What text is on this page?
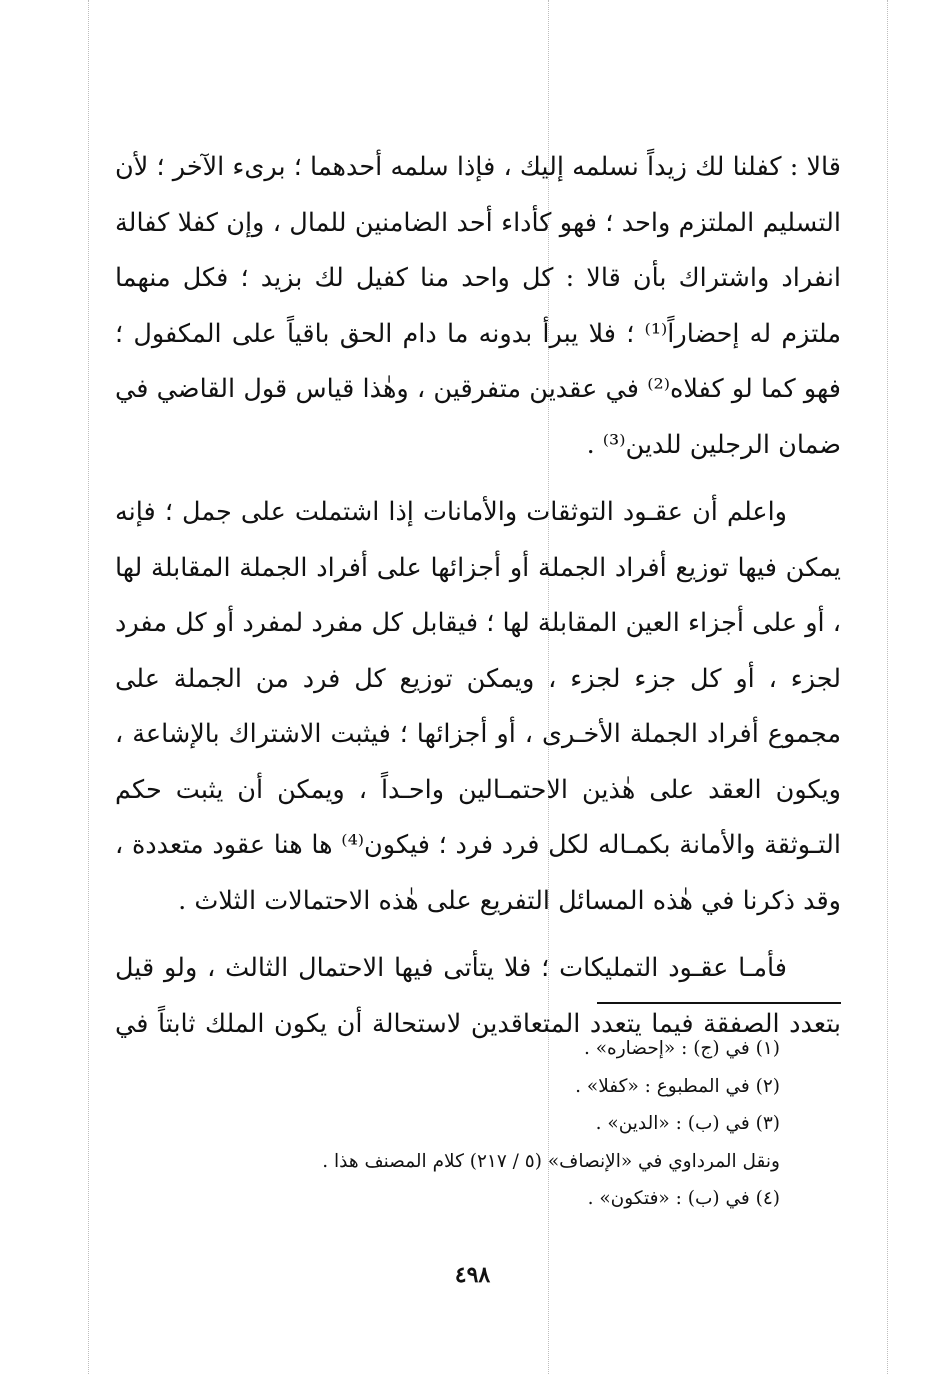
قالا : كفلنا لك زيداً نسلمه إليك ، فإذا سلمه أحدهما ؛ برىء الآخر ؛ لأن التسليم الملتزم واحد ؛ فهو كأداء أحد الضامنين للمال ، وإن كفلا كفالة انفراد واشتراك بأن قالا : كل واحد منا كفيل لك بزيد ؛ فكل منهما ملتزم له إحضاراً⁽¹⁾ ؛ فلا يبرأ بدونه ما دام الحق باقياً على المكفول ؛ فهو كما لو كفلاه⁽²⁾ في عقدين متفرقين ، وهٰذا قياس قول القاضي في ضمان الرجلين للدين⁽³⁾ .

واعلم أن عقـود التوثقات والأمانات إذا اشتملت على جمل ؛ فإنه يمكن فيها توزيع أفراد الجملة أو أجزائها على أفراد الجملة المقابلة لها ، أو على أجزاء العين المقابلة لها ؛ فيقابل كل مفرد لمفرد أو كل مفرد لجزء ، أو كل جزء لجزء ، ويمكن توزيع كل فرد من الجملة على مجموع أفراد الجملة الأخـرى ، أو أجزائها ؛ فيثبت الاشتراك بالإشاعة ، ويكون العقد على هٰذين الاحتمـالين واحـداً ، ويمكن أن يثبت حكم التـوثقة والأمانة بكمـاله لكل فرد فرد ؛ فيكون⁽⁴⁾ ها هنا عقود متعددة ، وقد ذكرنا في هٰذه المسائل التفريع على هٰذه الاحتمالات الثلاث .

فأمـا عقـود التمليكات ؛ فلا يتأتى فيها الاحتمال الثالث ، ولو قيل بتعدد الصفقة فيما يتعدد المتعاقدين لاستحالة أن يكون الملك ثابتاً في

(١) في (ج) : «إحضاره» .
(٢) في المطبوع : «كفلا» .
(٣) في (ب) : «الدين» .
ونقل المرداوي في «الإنصاف» (٥ / ٢١٧) كلام المصنف هذا .
(٤) في (ب) : «فتكون» .
٤٩٨
